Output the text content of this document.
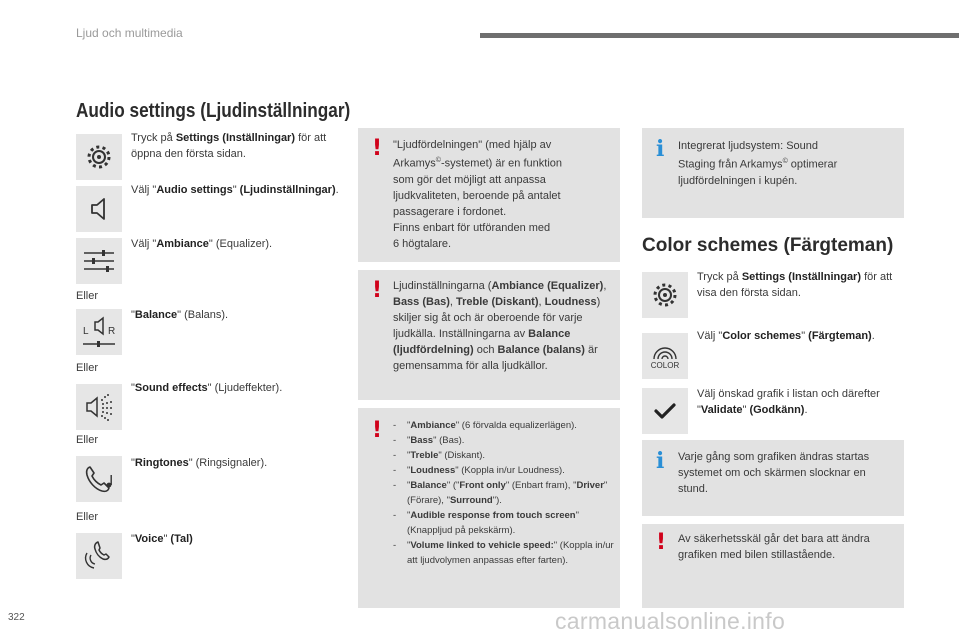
Ljud och multimedia
Audio settings (Ljudinställningar)
Tryck på Settings (Inställningar) för att öppna den första sidan.
Välj "Audio settings" (Ljudinställningar).
Välj "Ambiance" (Equalizer).
Eller
L R
"Balance" (Balans).
Eller
"Sound effects" (Ljudeffekter).
Eller
"Ringtones" (Ringsignaler).
Eller
"Voice" (Tal)
! "Ljudfördelningen" (med hjälp av
Arkamys©-systemet) är en funktion
som gör det möjligt att anpassa
ljudkvaliteten, beroende på antalet
passagerare i fordonet.
Finns enbart för utföranden med
6 högtalare.
! Ljudinställningarna (Ambiance (Equalizer), Bass (Bas), Treble (Diskant), Loudness) skiljer sig åt och är oberoende för varje ljudkälla. Inställningarna av Balance (ljudfördelning) och Balance (balans) är gemensamma för alla ljudkällor.
! -	"Ambiance" (6 förvalda equalizerlägen).
-	"Bass" (Bas).
-	"Treble" (Diskant).
-	"Loudness" (Koppla in/ur Loudness).
-	"Balance" ("Front only" (Enbart fram), "Driver" (Förare), "Surround").
-	"Audible response from touch screen" (Knappljud på pekskärm).
-	"Volume linked to vehicle speed:" (Koppla in/ur att ljudvolymen anpassas efter farten).
i Integrerat ljudsystem: Sound
Staging från Arkamys© optimerar
ljudfördelningen i kupén.
Color schemes (Färgteman)
Tryck på Settings (Inställningar) för att visa den första sidan.
COLOR
Välj "Color schemes" (Färgteman).
Välj önskad grafik i listan och därefter "Validate" (Godkänn).
i Varje gång som grafiken ändras startas systemet om och skärmen slocknar en stund.
! Av säkerhetsskäl går det bara att ändra grafiken med bilen stillastående.
322	carmanualsonline.info
